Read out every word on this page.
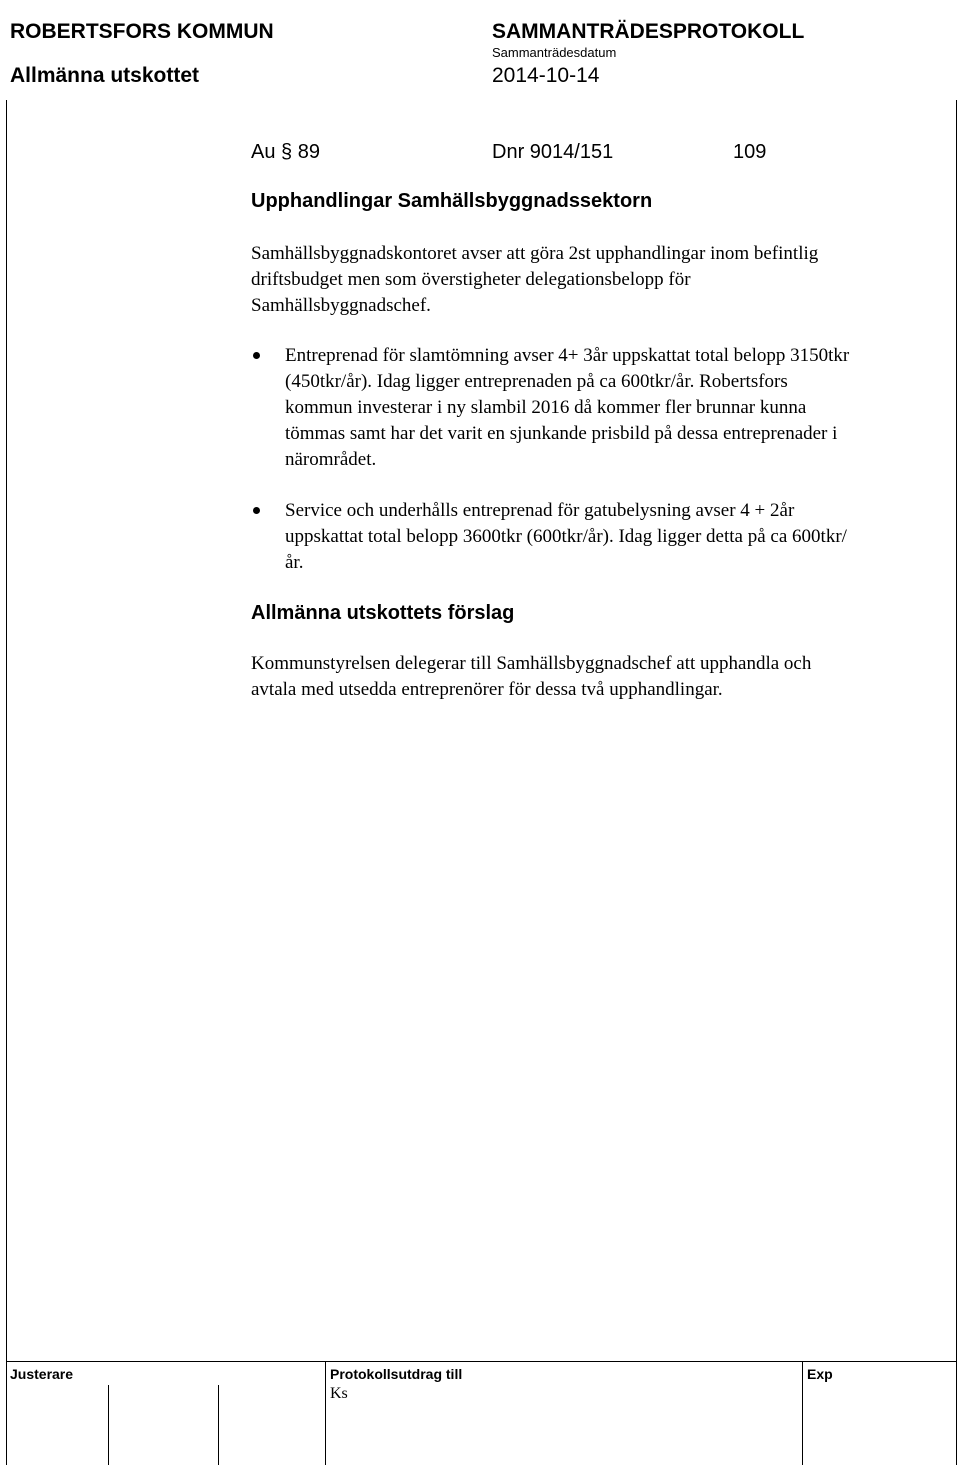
ROBERTSFORS KOMMUN	SAMMANTRÄDESPROTOKOLL
Sammanträdesdatum
Allmänna utskottet	2014-10-14
Au § 89	Dnr 9014/151	109
Upphandlingar Samhällsbyggnadssektorn
Samhällsbyggnadskontoret avser att göra 2st upphandlingar inom befintlig driftsbudget men som överstigheter delegationsbelopp för Samhällsbyggnadschef.
Entreprenad för slamtömning avser 4+ 3år uppskattat total belopp 3150tkr (450tkr/år). Idag ligger entreprenaden på ca 600tkr/år. Robertsfors kommun investerar i ny slambil 2016 då kommer fler brunnar kunna tömmas samt har det varit en sjunkande prisbild på dessa entreprenader i närområdet.
Service och underhålls entreprenad för gatubelysning avser 4 + 2år uppskattat total belopp 3600tkr (600tkr/år). Idag ligger detta på ca 600tkr/år.
Allmänna utskottets förslag
Kommunstyrelsen delegerar till Samhällsbyggnadschef att upphandla och avtala med utsedda entreprenörer för dessa två upphandlingar.
Justerare	Protokollsutdrag till
Ks
Exp
